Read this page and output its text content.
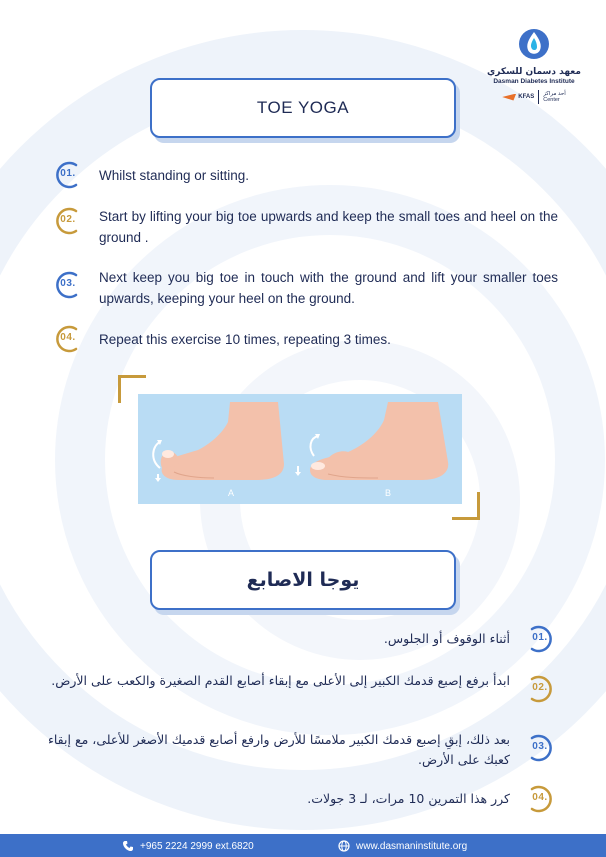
معهد دسمان للسكري
Dasman Diabetes Institute
KFAS أحد مراكز
Center
TOE YOGA
01.	Whilst standing or sitting.
02.	Start by lifting your big toe upwards and keep the small toes and heel on the ground .
03.	Next keep you big toe in touch with the ground and lift your smaller toes upwards, keeping your heel on the ground.
04.	Repeat this exercise 10 times, repeating 3 times.
A	B
يوجا الاصابع
01.
أثناء الوقوف أو الجلوس.
02.
ابدأ برفع إصبع قدمك الكبير إلى الأعلى مع إبقاء أصابع القدم الصغيرة والكعب على الأرض.
03.
بعد ذلك، إبقِ إصبع قدمك الكبير ملامسًا للأرض وارفع أصابع قدميك الأصغر للأعلى، مع إبقاء كعبك على الأرض.
04.
كرر هذا التمرين 10 مرات، لـ 3 جولات.
+965 2224 2999 ext.6820	www.dasmaninstitute.org
